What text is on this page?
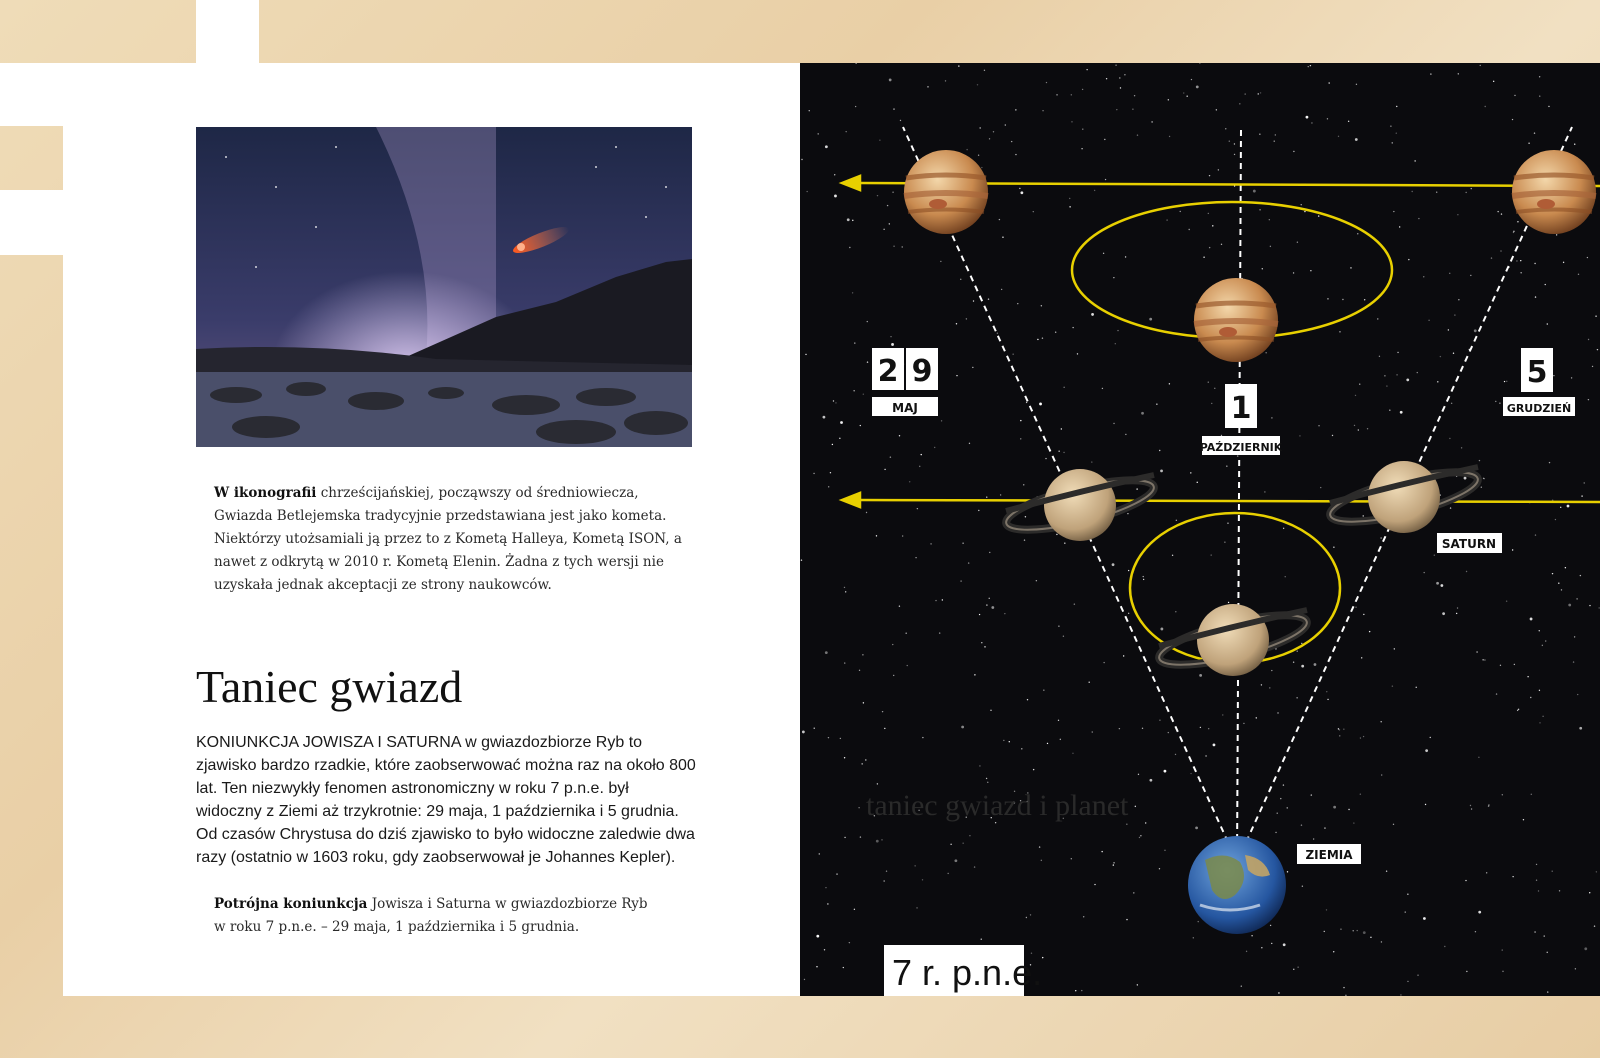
W ikonografii chrześcijańskiej, począwszy od średniowiecza, Gwiazda Betlejemska tradycyjnie przedstawiana jest jako kometa. Niektórzy utożsamiali ją przez to z Kometą Halleya, Kometą ISON, a nawet z odkrytą w 2010 r. Kometą Elenin. Żadna z tych wersji nie uzyskała jednak akceptacji ze strony naukowców.
Taniec gwiazd
KONIUNKCJA JOWISZA I SATURNA w gwiazdozbiorze Ryb to zjawisko bardzo rzadkie, które zaobserwować można raz na około 800 lat. Ten niezwykły fenomen astronomiczny w roku 7 p.n.e. był widoczny z Ziemi aż trzykrotnie: 29 maja, 1 października i 5 grudnia. Od czasów Chrystusa do dziś zjawisko to było widoczne zaledwie dwa razy (ostatnio w 1603 roku, gdy zaobserwował je Johannes Kepler).
Potrójna koniunkcja Jowisza i Saturna w gwiazdozbiorze Ryb w roku 7 p.n.e. – 29 maja, 1 października i 5 grudnia.
2 9
MAJ	1
PAŹDZIERNIK
5
GRUDZIEŃ
SATURN
ZIEMIA
taniec gwiazd i planet
7 r. p.n.e.
